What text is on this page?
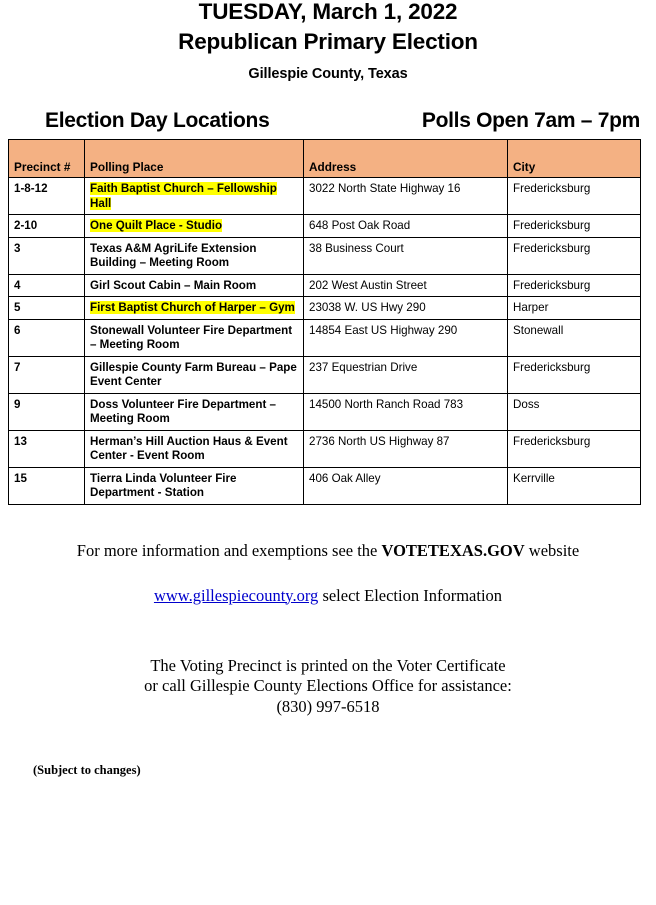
TUESDAY, March 1, 2022
Republican Primary Election
Gillespie County, Texas
Election Day Locations	Polls Open 7am – 7pm
Precinct #	Polling Place	Address	City
1-8-12	Faith Baptist Church – Fellowship Hall	3022 North State Highway 16	Fredericksburg
2-10	One Quilt Place - Studio	648 Post Oak Road	Fredericksburg
3	Texas A&M AgriLife Extension Building – Meeting Room	38 Business Court	Fredericksburg
4	Girl Scout Cabin – Main Room	202 West Austin Street	Fredericksburg
5	First Baptist Church of Harper – Gym	23038 W. US Hwy 290	Harper
6	Stonewall Volunteer Fire Department – Meeting Room	14854 East US Highway 290	Stonewall
7	Gillespie County Farm Bureau – Pape Event Center	237 Equestrian Drive	Fredericksburg
9	Doss Volunteer Fire Department – Meeting Room	14500 North Ranch Road 783	Doss
13	Herman’s Hill Auction Haus & Event Center - Event Room	2736 North US Highway 87	Fredericksburg
15	Tierra Linda Volunteer Fire Department - Station	406 Oak Alley	Kerrville
For more information and exemptions see the VOTETEXAS.GOV website
www.gillespiecounty.org select Election Information
The Voting Precinct is printed on the Voter Certificate
or call Gillespie County Elections Office for assistance:
(830) 997-6518
(Subject to changes)
